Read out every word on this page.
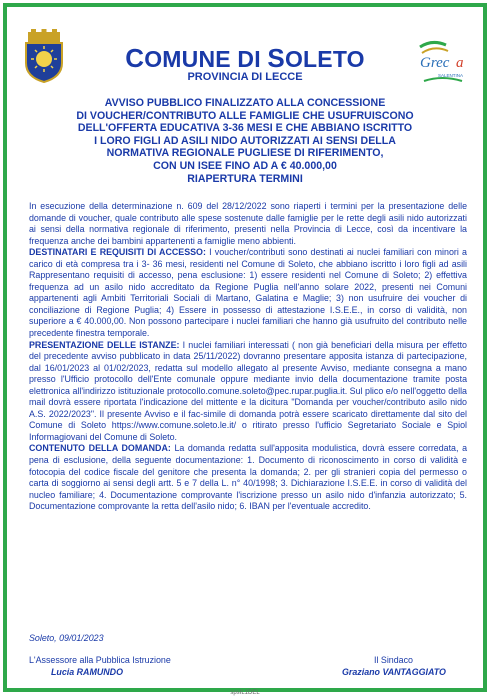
COMUNE DI SOLETO
PROVINCIA DI LECCE
Grec a
SALENTINA
AVVISO PUBBLICO FINALIZZATO ALLA CONCESSIONE
DI VOUCHER/CONTRIBUTO ALLE FAMIGLIE CHE USUFRUISCONO
DELL'OFFERTA EDUCATIVA 3-36 MESI E CHE ABBIANO ISCRITTO
I LORO FIGLI AD ASILI NIDO AUTORIZZATI AI SENSI DELLA
NORMATIVA REGIONALE PUGLIESE DI RIFERIMENTO,
CON UN ISEE FINO AD A € 40.000,00
RIAPERTURA TERMINI

In esecuzione della determinazione n. 609 del 28/12/2022 sono riaperti i termini per la presentazione delle domande di voucher, quale contributo alle spese sostenute dalle famiglie per le rette degli asili nido autorizzati ai sensi della normativa regionale di riferimento, presenti nella Provincia di Lecce, così da incentivare la frequenza anche dei bambini appartenenti a famiglie meno abbienti.

DESTINATARI E REQUISITI DI ACCESSO: I voucher/contributi sono destinati ai nuclei familiari con minori a carico di età compresa tra i 3- 36 mesi, residenti nel Comune di Soleto, che abbiano iscritto i loro figli ad asili Rappresentano requisiti di accesso, pena esclusione: 1) essere residenti nel Comune di Soleto; 2) effettiva frequenza ad un asilo nido accreditato da Regione Puglia nell'anno solare 2022, presenti nei Comuni appartenenti agli Ambiti Territoriali Sociali di Martano, Galatina e Maglie; 3) non usufruire dei voucher di conciliazione di Regione Puglia; 4) Essere in possesso di attestazione I.S.E.E., in corso di validità, non superiore a € 40.000,00. Non possono partecipare i nuclei familiari che hanno già usufruito del contributo nelle precedente finestra temporale.

PRESENTAZIONE DELLE ISTANZE: I nuclei familiari interessati ( non già beneficiari della misura per effetto del precedente avviso pubblicato in data 25/11/2022) dovranno presentare apposita istanza di partecipazione, dal 16/01/2023 al 01/02/2023, redatta sul modello allegato al presente Avviso, mediante consegna a mano presso l'Ufficio protocollo dell'Ente comunale oppure mediante invio della documentazione tramite posta elettronica all'indirizzo istituzionale protocollo.comune.soleto@pec.rupar.puglia.it. Sul plico e/o nell'oggetto della mail dovrà essere riportata l'indicazione del mittente e la dicitura "Domanda per voucher/contributo asilo nido A.S. 2022/2023". Il presente Avviso e il fac-simile di domanda potrà essere scaricato direttamente dal sito del Comune di Soleto https://www.comune.soleto.le.it/ o ritirato presso l'ufficio Segretariato Sociale e Spiol Informagiovani del Comune di Soleto.

CONTENUTO DELLA DOMANDA: La domanda redatta sull'apposita modulistica, dovrà essere corredata, a pena di esclusione, della seguente documentazione: 1. Documento di riconoscimento in corso di validità e fotocopia del codice fiscale del genitore che presenta la domanda; 2. per gli stranieri copia del permesso o carta di soggiorno ai sensi degli artt. 5 e 7 della L. n° 40/1998; 3. Dichiarazione I.S.E.E. in corso di validità del nucleo familiare; 4. Documentazione comprovante l'iscrizione presso un asilo nido d'infanzia autorizzato; 5. Documentazione comprovante la retta dell'asilo nido; 6. IBAN per l'eventuale accredito.

Soleto, 09/01/2023
L'Assessore alla Pubblica Istruzione
Lucia RAMUNDO
Il Sindaco
Graziano VANTAGGIATO
spsIL1DEL
